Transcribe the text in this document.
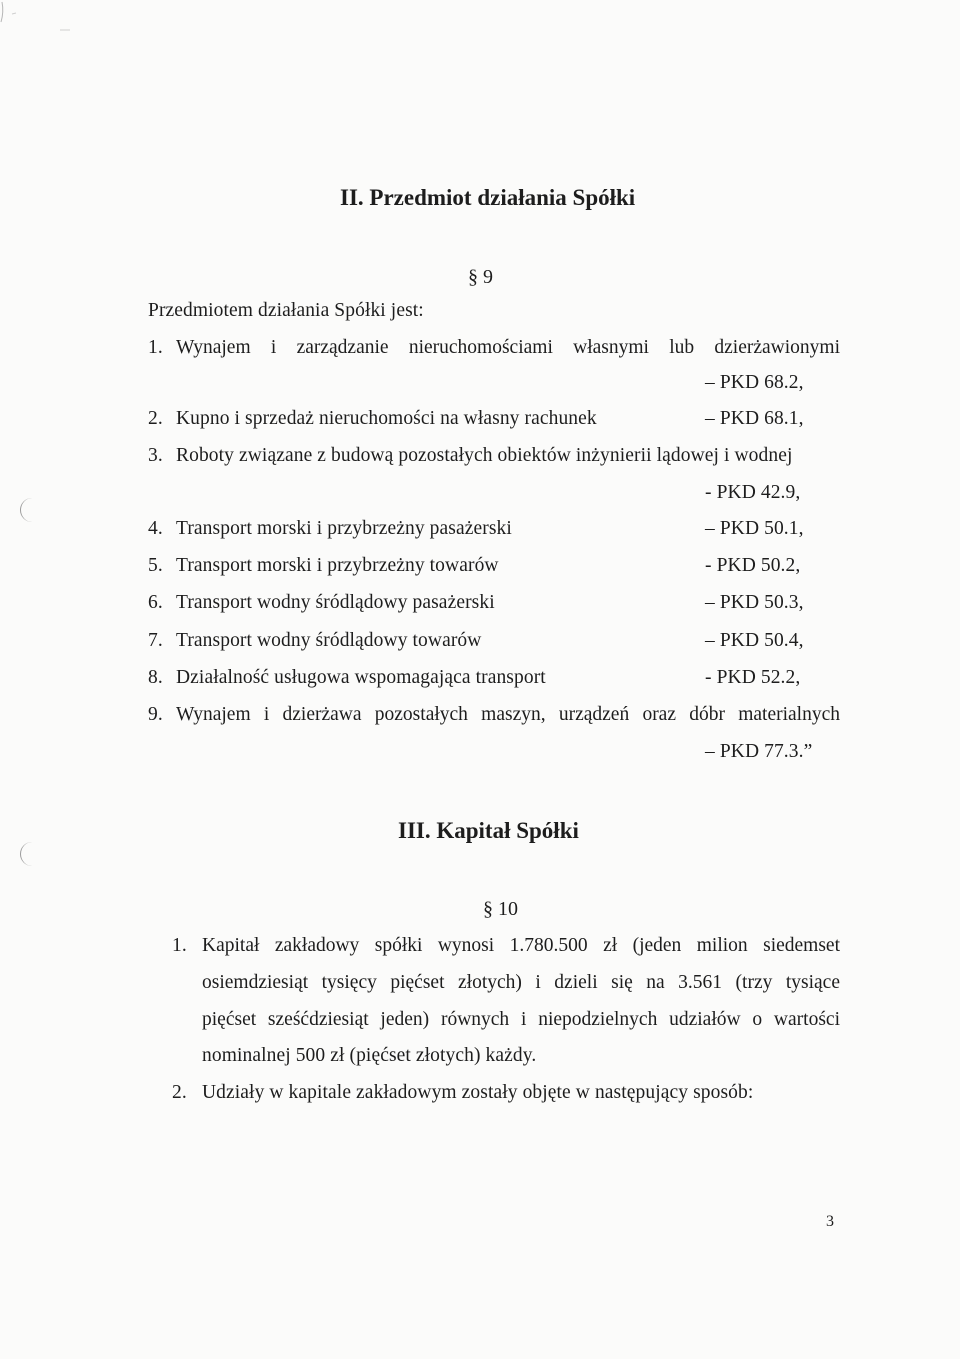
II. Przedmiot działania Spółki
§ 9
Przedmiotem działania Spółki jest:
1. Wynajem i zarządzanie nieruchomościami własnymi lub dzierżawionymi
– PKD 68.2,
2. Kupno i sprzedaż nieruchomości na własny rachunek	– PKD 68.1,
3. Roboty związane z budową pozostałych obiektów inżynierii lądowej i wodnej
- PKD 42.9,
4. Transport morski i przybrzeżny pasażerski	– PKD 50.1,
5. Transport morski i przybrzeżny towarów	- PKD 50.2,
6. Transport wodny śródlądowy pasażerski	– PKD 50.3,
7. Transport wodny śródlądowy towarów	– PKD 50.4,
8. Działalność usługowa wspomagająca transport	- PKD 52.2,
9. Wynajem i dzierżawa pozostałych maszyn, urządzeń oraz dóbr materialnych
– PKD 77.3.”
III. Kapitał Spółki
§ 10
1. Kapitał zakładowy spółki wynosi 1.780.500 zł (jeden milion siedemset
osiemdziesiąt tysięcy pięćset złotych) i dzieli się na 3.561 (trzy tysiące
pięćset sześćdziesiąt jeden) równych i niepodzielnych udziałów o wartości
nominalnej 500 zł (pięćset złotych) każdy.
2. Udziały w kapitale zakładowym zostały objęte w następujący sposób:
3
